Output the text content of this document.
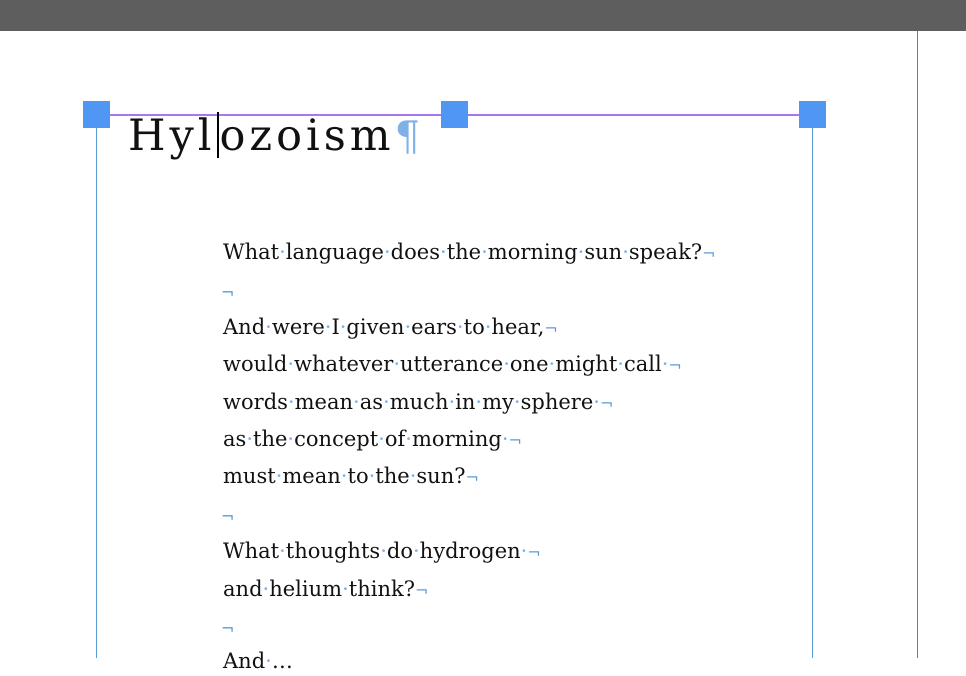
Hylozoism¶

What·language·does·the·morning·sun·speak?¬

¬

And·were·I·given·ears·to·hear,¬

would·whatever·utterance·one·might·call·¬

words·mean·as·much·in·my·sphere·¬

as·the·concept·of·morning·¬

must·mean·to·the·sun?¬

¬

What·thoughts·do·hydrogen·¬

and·helium·think?¬

¬

And·…
